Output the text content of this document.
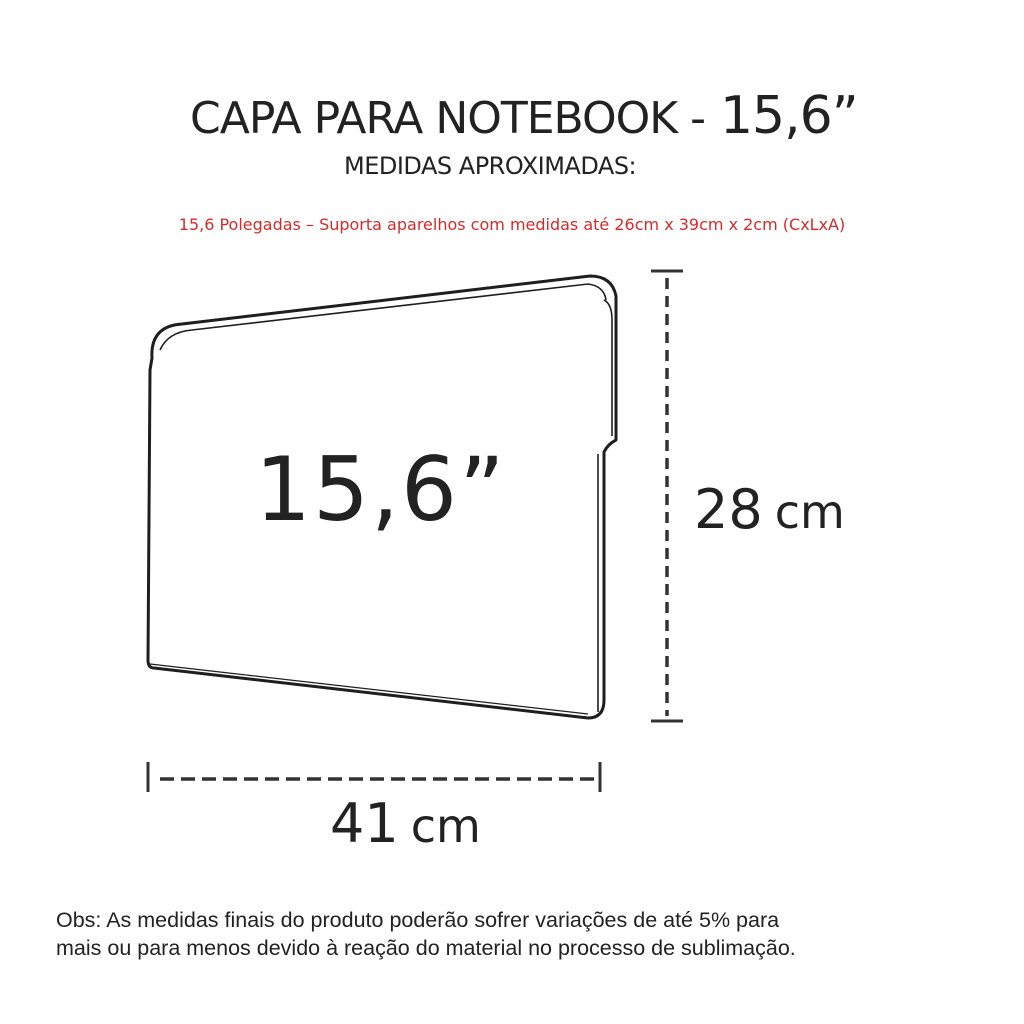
CAPA PARA NOTEBOOK - 15,6”
MEDIDAS APROXIMADAS:
15,6 Polegadas – Suporta aparelhos com medidas até 26cm x 39cm x 2cm (CxLxA)
15,6”	28 cm
41 cm
Obs: As medidas finais do produto poderão sofrer variações de até 5% para
mais ou para menos devido à reação do material no processo de sublimação.
